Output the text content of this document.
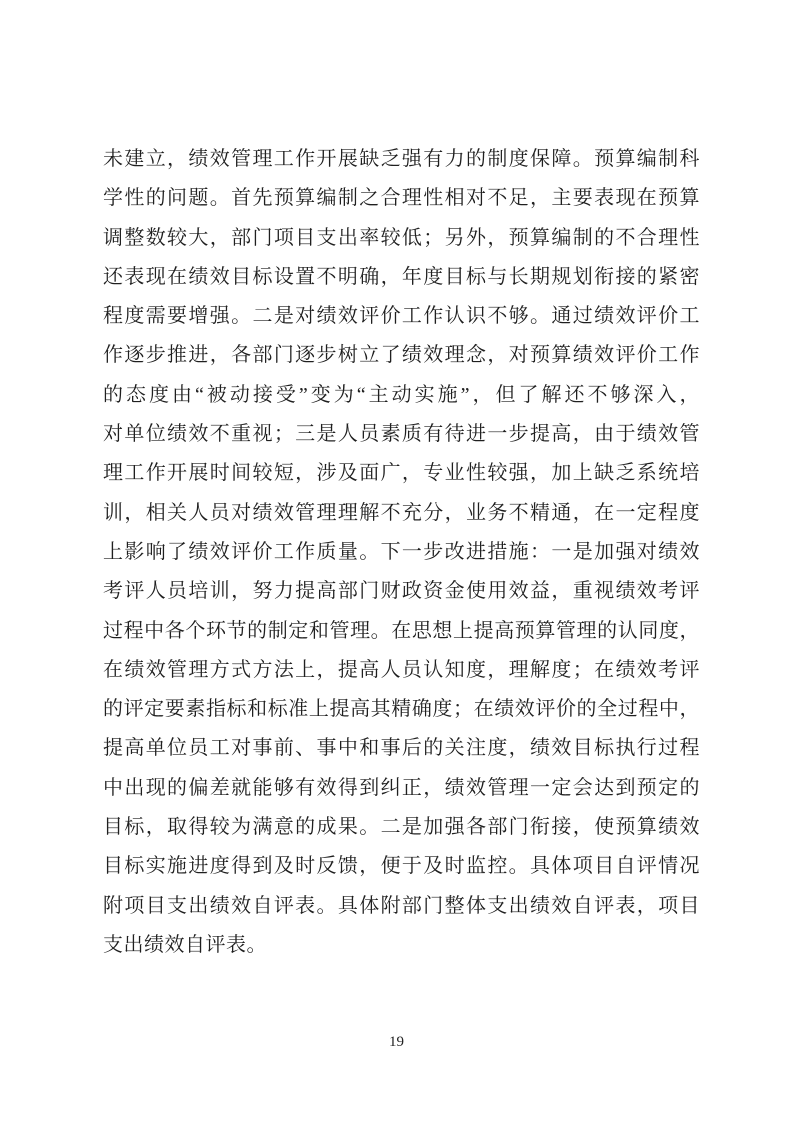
未建立，绩效管理工作开展缺乏强有力的制度保障。预算编制科
学性的问题。首先预算编制之合理性相对不足，主要表现在预算
调整数较大，部门项目支出率较低；另外，预算编制的不合理性
还表现在绩效目标设置不明确，年度目标与长期规划衔接的紧密
程度需要增强。二是对绩效评价工作认识不够。通过绩效评价工
作逐步推进，各部门逐步树立了绩效理念，对预算绩效评价工作
的态度由“被动接受”变为“主动实施”，但了解还不够深入，
对单位绩效不重视；三是人员素质有待进一步提高，由于绩效管
理工作开展时间较短，涉及面广，专业性较强，加上缺乏系统培
训，相关人员对绩效管理理解不充分，业务不精通，在一定程度
上影响了绩效评价工作质量。下一步改进措施：一是加强对绩效
考评人员培训，努力提高部门财政资金使用效益，重视绩效考评
过程中各个环节的制定和管理。在思想上提高预算管理的认同度，
在绩效管理方式方法上，提高人员认知度，理解度；在绩效考评
的评定要素指标和标准上提高其精确度；在绩效评价的全过程中，
提高单位员工对事前、事中和事后的关注度，绩效目标执行过程
中出现的偏差就能够有效得到纠正，绩效管理一定会达到预定的
目标，取得较为满意的成果。二是加强各部门衔接，使预算绩效
目标实施进度得到及时反馈，便于及时监控。具体项目自评情况
附项目支出绩效自评表。具体附部门整体支出绩效自评表，项目
支出绩效自评表。
19
